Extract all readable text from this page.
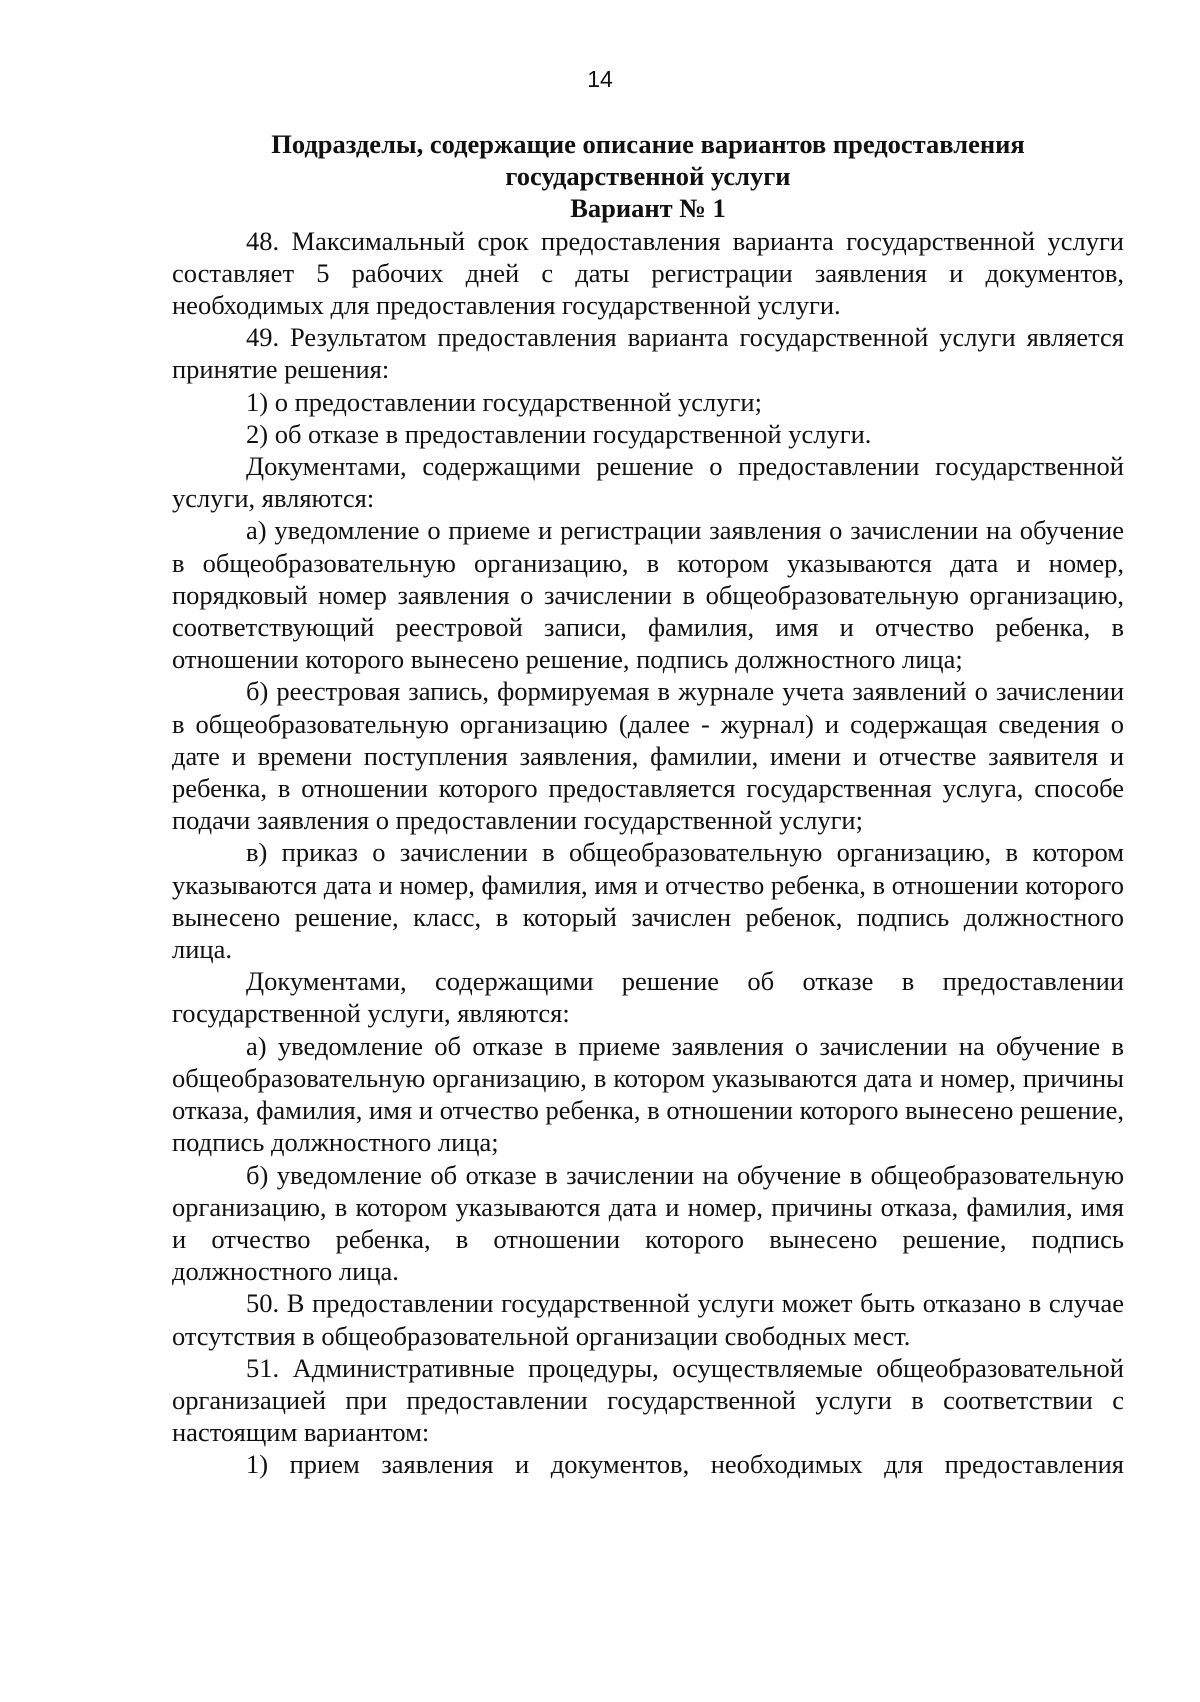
14

Подразделы, содержащие описание вариантов предоставления

государственной услуги

Вариант № 1

48. Максимальный срок предоставления варианта государственной услуги составляет 5 рабочих дней с даты регистрации заявления и документов, необходимых для предоставления государственной услуги.

49. Результатом предоставления варианта государственной услуги является принятие решения:

1) о предоставлении государственной услуги;

2) об отказе в предоставлении государственной услуги.

Документами, содержащими решение о предоставлении государственной услуги, являются:

а) уведомление о приеме и регистрации заявления о зачислении на обучение в общеобразовательную организацию, в котором указываются дата и номер, порядковый номер заявления о зачислении в общеобразовательную организацию, соответствующий реестровой записи, фамилия, имя и отчество ребенка, в отношении которого вынесено решение, подпись должностного лица;

б) реестровая запись, формируемая в журнале учета заявлений о зачислении в общеобразовательную организацию (далее - журнал) и содержащая сведения о дате и времени поступления заявления, фамилии, имени и отчестве заявителя и ребенка, в отношении которого предоставляется государственная услуга, способе подачи заявления о предоставлении государственной услуги;

в) приказ о зачислении в общеобразовательную организацию, в котором указываются дата и номер, фамилия, имя и отчество ребенка, в отношении которого вынесено решение, класс, в который зачислен ребенок, подпись должностного лица.

Документами, содержащими решение об отказе в предоставлении государственной услуги, являются:

а) уведомление об отказе в приеме заявления о зачислении на обучение в общеобразовательную организацию, в котором указываются дата и номер, причины отказа, фамилия, имя и отчество ребенка, в отношении которого вынесено решение, подпись должностного лица;

б) уведомление об отказе в зачислении на обучение в общеобразовательную организацию, в котором указываются дата и номер, причины отказа, фамилия, имя и отчество ребенка, в отношении которого вынесено решение, подпись должностного лица.

50. В предоставлении государственной услуги может быть отказано в случае отсутствия в общеобразовательной организации свободных мест.

51. Административные процедуры, осуществляемые общеобразовательной организацией при предоставлении государственной услуги в соответствии с настоящим вариантом:

1) прием заявления и документов, необходимых для предоставления
